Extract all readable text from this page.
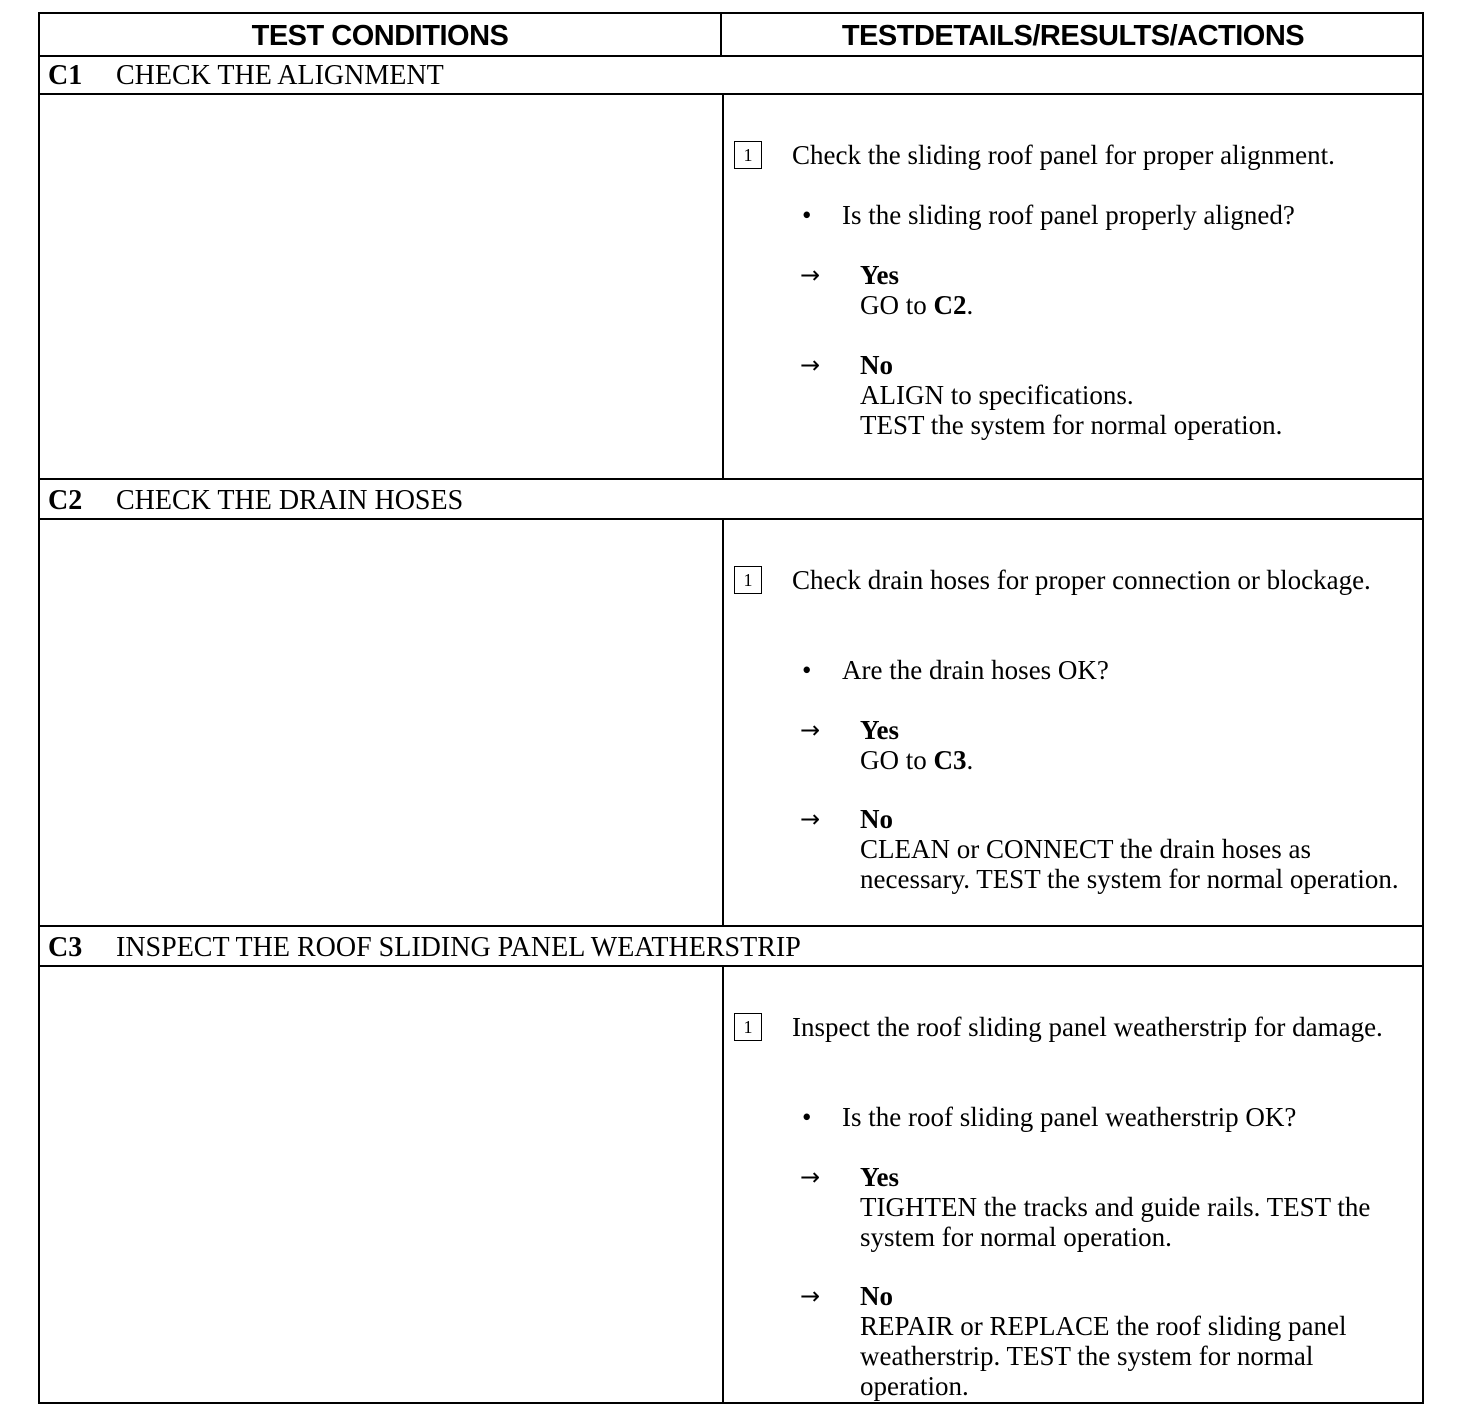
TEST CONDITIONS	TESTDETAILS/RESULTS/ACTIONS
C1 CHECK THE ALIGNMENT
1	Check the sliding roof panel for proper alignment.
• Is the sliding roof panel properly aligned?
→ Yes
GO to C2.
→ No
ALIGN to specifications.
TEST the system for normal operation.
C2 CHECK THE DRAIN HOSES
1	Check drain hoses for proper connection or blockage.
• Are the drain hoses OK?
→ Yes
GO to C3.
→ No
CLEAN or CONNECT the drain hoses as necessary. TEST the system for normal operation.
C3 INSPECT THE ROOF SLIDING PANEL WEATHERSTRIP
1	Inspect the roof sliding panel weatherstrip for damage.
• Is the roof sliding panel weatherstrip OK?
→ Yes
TIGHTEN the tracks and guide rails. TEST the system for normal operation.
→ No
REPAIR or REPLACE the roof sliding panel weatherstrip. TEST the system for normal operation.
